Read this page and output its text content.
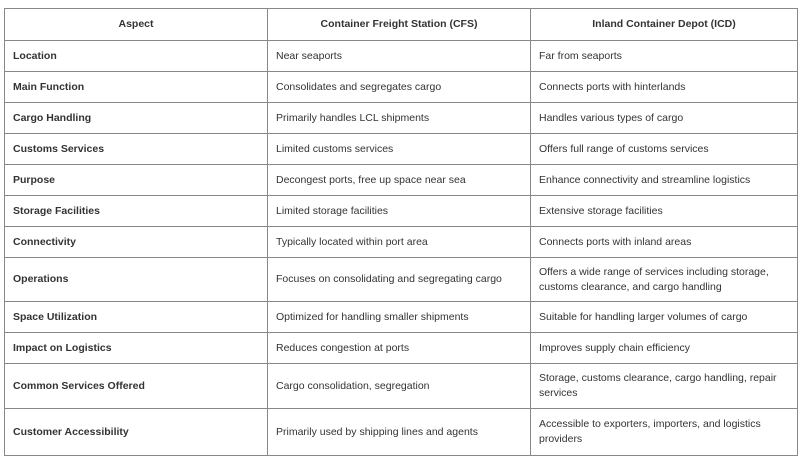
Aspect	Container Freight Station (CFS)	Inland Container Depot (ICD)
Location	Near seaports	Far from seaports
Main Function	Consolidates and segregates cargo	Connects ports with hinterlands
Cargo Handling	Primarily handles LCL shipments	Handles various types of cargo
Customs Services	Limited customs services	Offers full range of customs services
Purpose	Decongest ports, free up space near sea	Enhance connectivity and streamline logistics
Storage Facilities	Limited storage facilities	Extensive storage facilities
Connectivity	Typically located within port area	Connects ports with inland areas
Operations	Focuses on consolidating and segregating cargo	Offers a wide range of services including storage, customs clearance, and cargo handling
Space Utilization	Optimized for handling smaller shipments	Suitable for handling larger volumes of cargo
Impact on Logistics	Reduces congestion at ports	Improves supply chain efficiency
Common Services Offered	Cargo consolidation, segregation	Storage, customs clearance, cargo handling, repair services
Customer Accessibility	Primarily used by shipping lines and agents	Accessible to exporters, importers, and logistics providers
